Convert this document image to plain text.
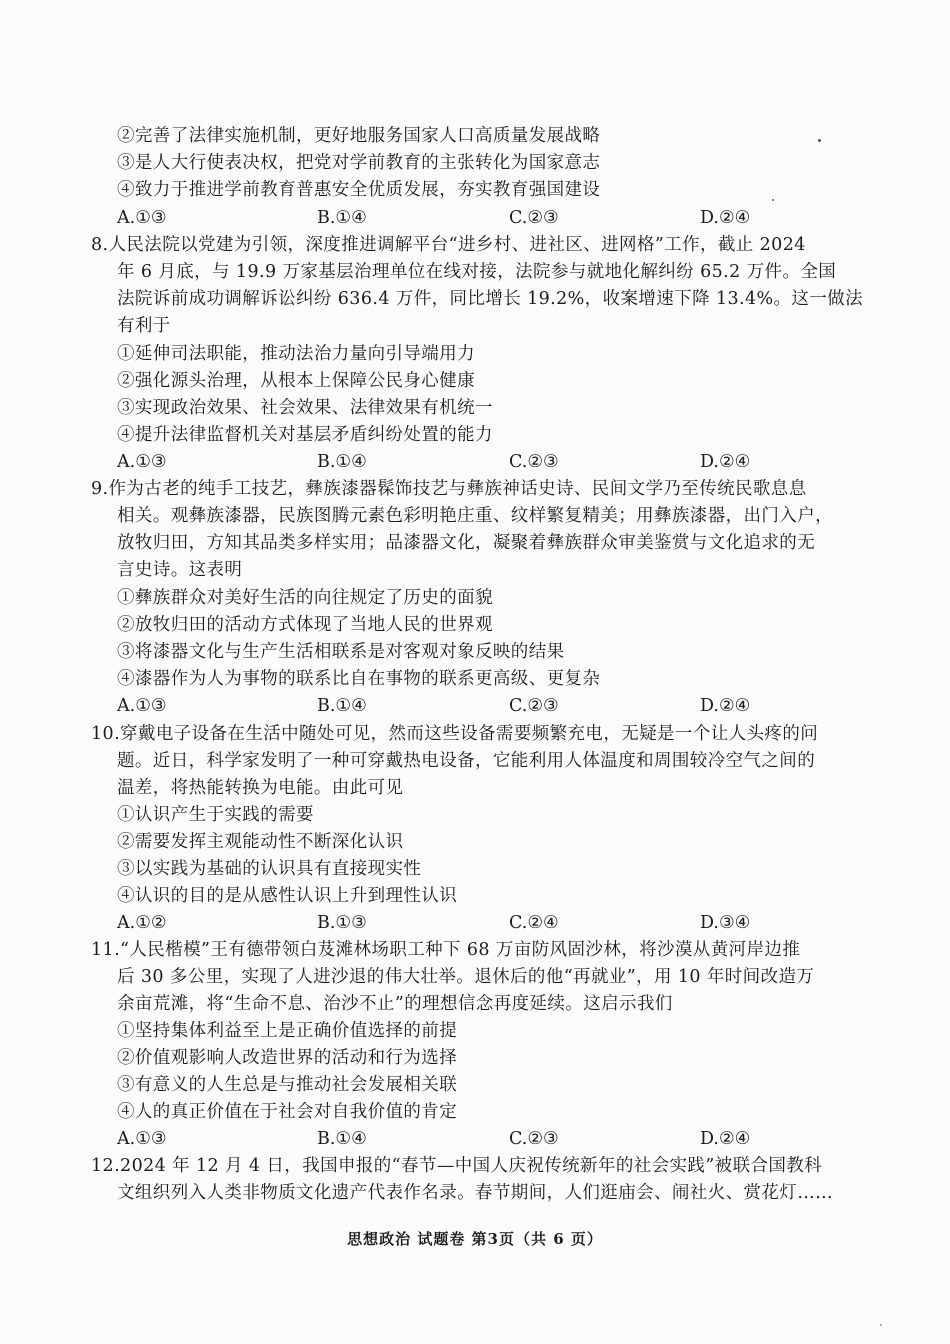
②完善了法律实施机制，更好地服务国家人口高质量发展战略
③是人大行使表决权，把党对学前教育的主张转化为国家意志
④致力于推进学前教育普惠安全优质发展，夯实教育强国建设
A.①③	B.①④	C.②③	D.②④
8.人民法院以党建为引领，深度推进调解平台“进乡村、进社区、进网格”工作，截止 2024
年 6 月底，与 19.9 万家基层治理单位在线对接，法院参与就地化解纠纷 65.2 万件。全国
法院诉前成功调解诉讼纠纷 636.4 万件，同比增长 19.2%，收案增速下降 13.4%。这一做法
有利于
①延伸司法职能，推动法治力量向引导端用力
②强化源头治理，从根本上保障公民身心健康
③实现政治效果、社会效果、法律效果有机统一
④提升法律监督机关对基层矛盾纠纷处置的能力
A.①③	B.①④	C.②③	D.②④
9.作为古老的纯手工技艺，彝族漆器髹饰技艺与彝族神话史诗、民间文学乃至传统民歌息息
相关。观彝族漆器，民族图腾元素色彩明艳庄重、纹样繁复精美；用彝族漆器，出门入户，
放牧归田，方知其品类多样实用；品漆器文化，凝聚着彝族群众审美鉴赏与文化追求的无
言史诗。这表明
①彝族群众对美好生活的向往规定了历史的面貌
②放牧归田的活动方式体现了当地人民的世界观
③将漆器文化与生产生活相联系是对客观对象反映的结果
④漆器作为人为事物的联系比自在事物的联系更高级、更复杂
A.①③	B.①④	C.②③	D.②④
10.穿戴电子设备在生活中随处可见，然而这些设备需要频繁充电，无疑是一个让人头疼的问
题。近日，科学家发明了一种可穿戴热电设备，它能利用人体温度和周围较冷空气之间的
温差，将热能转换为电能。由此可见
①认识产生于实践的需要
②需要发挥主观能动性不断深化认识
③以实践为基础的认识具有直接现实性
④认识的目的是从感性认识上升到理性认识
A.①②	B.①③	C.②④	D.③④
11.“人民楷模”王有德带领白芨滩林场职工种下 68 万亩防风固沙林，将沙漠从黄河岸边推
后 30 多公里，实现了人进沙退的伟大壮举。退休后的他“再就业”，用 10 年时间改造万
余亩荒滩，将“生命不息、治沙不止”的理想信念再度延续。这启示我们
①坚持集体利益至上是正确价值选择的前提
②价值观影响人改造世界的活动和行为选择
③有意义的人生总是与推动社会发展相关联
④人的真正价值在于社会对自我价值的肯定
A.①③	B.①④	C.②③	D.②④
12.2024 年 12 月 4 日，我国申报的“春节—中国人庆祝传统新年的社会实践”被联合国教科
文组织列入人类非物质文化遗产代表作名录。春节期间，人们逛庙会、闹社火、赏花灯……
思想政治 试题卷 第3页（共 6 页）
